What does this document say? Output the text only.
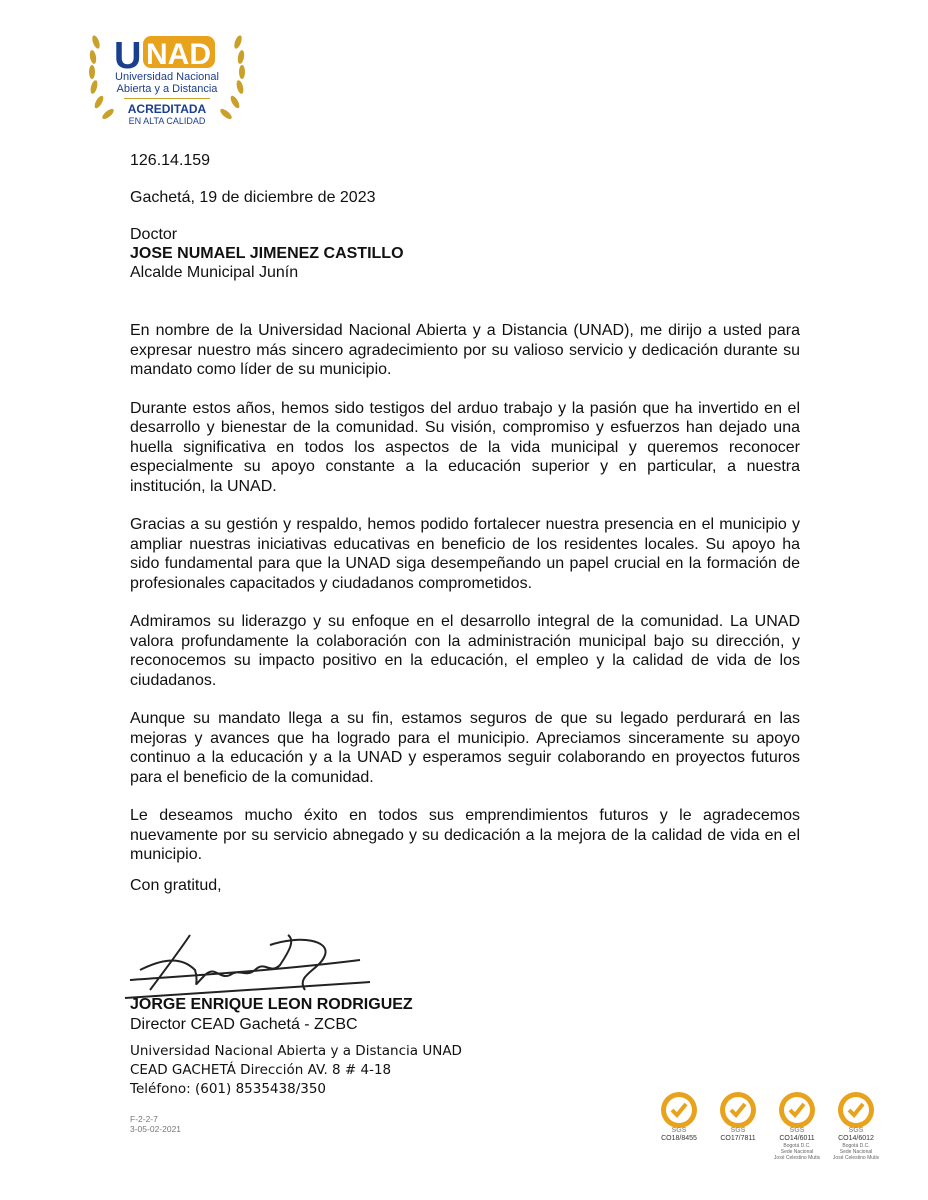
U NAD
Universidad Nacional
Abierta y a Distancia
ACREDITADA
EN ALTA CALIDAD
126.14.159
Gachetá, 19 de diciembre de 2023
Doctor
JOSE NUMAEL JIMENEZ CASTILLO
Alcalde Municipal Junín

En nombre de la Universidad Nacional Abierta y a Distancia (UNAD), me dirijo a usted para expresar nuestro más sincero agradecimiento por su valioso servicio y dedicación durante su mandato como líder de su municipio.

Durante estos años, hemos sido testigos del arduo trabajo y la pasión que ha invertido en el desarrollo y bienestar de la comunidad. Su visión, compromiso y esfuerzos han dejado una huella significativa en todos los aspectos de la vida municipal y queremos reconocer especialmente su apoyo constante a la educación superior y en particular, a nuestra institución, la UNAD.

Gracias a su gestión y respaldo, hemos podido fortalecer nuestra presencia en el municipio y ampliar nuestras iniciativas educativas en beneficio de los residentes locales. Su apoyo ha sido fundamental para que la UNAD siga desempeñando un papel crucial en la formación de profesionales capacitados y ciudadanos comprometidos.

Admiramos su liderazgo y su enfoque en el desarrollo integral de la comunidad. La UNAD valora profundamente la colaboración con la administración municipal bajo su dirección, y reconocemos su impacto positivo en la educación, el empleo y la calidad de vida de los ciudadanos.

Aunque su mandato llega a su fin, estamos seguros de que su legado perdurará en las mejoras y avances que ha logrado para el municipio. Apreciamos sinceramente su apoyo continuo a la educación y a la UNAD y esperamos seguir colaborando en proyectos futuros para el beneficio de la comunidad.

Le deseamos mucho éxito en todos sus emprendimientos futuros y le agradecemos nuevamente por su servicio abnegado y su dedicación a la mejora de la calidad de vida en el municipio.

Con gratitud,
JORGE ENRIQUE LEON RODRIGUEZ
Director CEAD Gachetá - ZCBC
Universidad Nacional Abierta y a Distancia UNAD
CEAD GACHETÁ Dirección AV. 8 # 4-18
Teléfono: (601) 8535438/350
F-2-2-7
3-05-02-2021	SGS
CO18/8455
SGS
CO17/7811
SGS
CO14/6011
Bogotá D.C.
Sede Nacional
José Celestino Mutis
SGS
CO14/6012
Bogotá D.C.
Sede Nacional
José Celestino Mutis
